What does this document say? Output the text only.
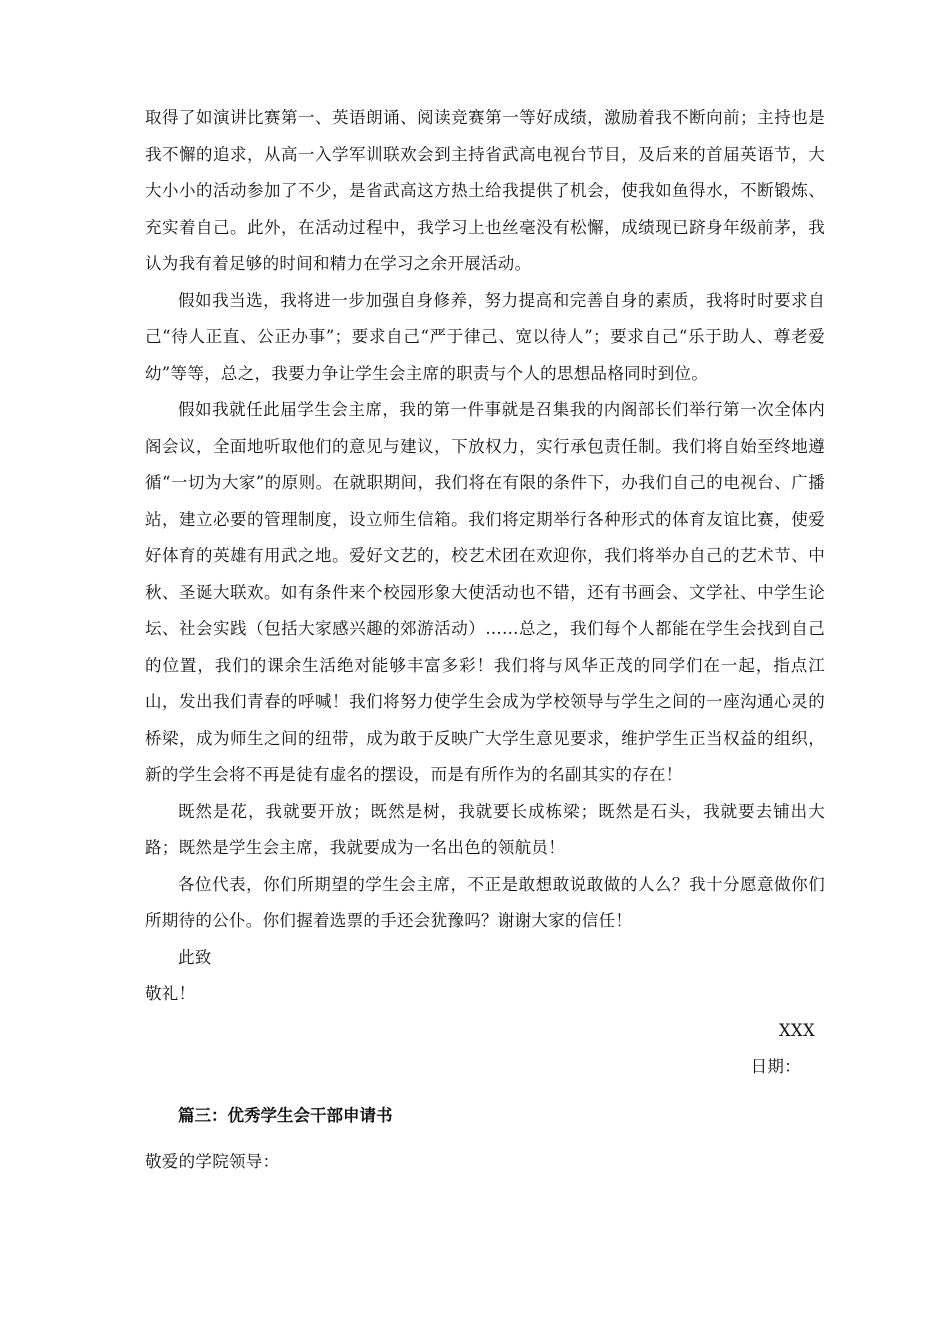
取得了如演讲比赛第一、英语朗诵、阅读竞赛第一等好成绩，激励着我不断向前；主持也是我不懈的追求，从高一入学军训联欢会到主持省武高电视台节目，及后来的首届英语节，大大小小的活动参加了不少，是省武高这方热土给我提供了机会，使我如鱼得水，不断锻炼、充实着自己。此外，在活动过程中，我学习上也丝毫没有松懈，成绩现已跻身年级前茅，我认为我有着足够的时间和精力在学习之余开展活动。

假如我当选，我将进一步加强自身修养，努力提高和完善自身的素质，我将时时要求自己“待人正直、公正办事”；要求自己“严于律己、宽以待人”；要求自己“乐于助人、尊老爱幼”等等，总之，我要力争让学生会主席的职责与个人的思想品格同时到位。

假如我就任此届学生会主席，我的第一件事就是召集我的内阁部长们举行第一次全体内阁会议，全面地听取他们的意见与建议，下放权力，实行承包责任制。我们将自始至终地遵循“一切为大家”的原则。在就职期间，我们将在有限的条件下，办我们自己的电视台、广播站，建立必要的管理制度，设立师生信箱。我们将定期举行各种形式的体育友谊比赛，使爱好体育的英雄有用武之地。爱好文艺的，校艺术团在欢迎你，我们将举办自己的艺术节、中秋、圣诞大联欢。如有条件来个校园形象大使活动也不错，还有书画会、文学社、中学生论坛、社会实践（包括大家感兴趣的郊游活动）……总之，我们每个人都能在学生会找到自己的位置，我们的课余生活绝对能够丰富多彩！我们将与风华正茂的同学们在一起，指点江山，发出我们青春的呼喊！我们将努力使学生会成为学校领导与学生之间的一座沟通心灵的桥梁，成为师生之间的纽带，成为敢于反映广大学生意见要求，维护学生正当权益的组织，新的学生会将不再是徒有虚名的摆设，而是有所作为的名副其实的存在！

既然是花，我就要开放；既然是树，我就要长成栋梁；既然是石头，我就要去铺出大路；既然是学生会主席，我就要成为一名出色的领航员！

各位代表，你们所期望的学生会主席，不正是敢想敢说敢做的人么？我十分愿意做你们所期待的公仆。你们握着选票的手还会犹豫吗？谢谢大家的信任！

此致

敬礼！

XXX

日期：

篇三：优秀学生会干部申请书

敬爱的学院领导：
